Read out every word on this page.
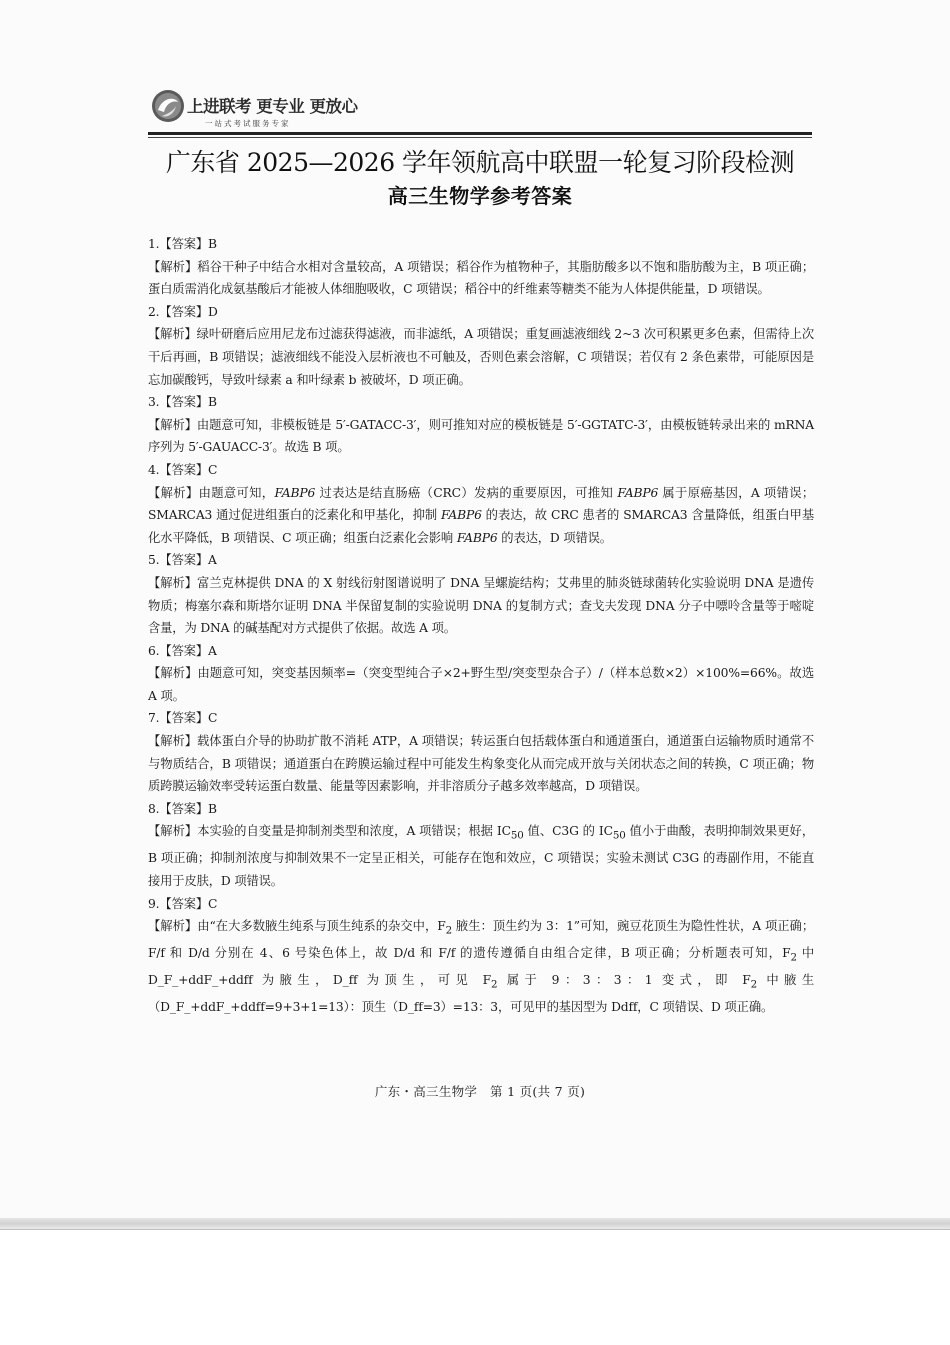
上进联考 更专业 更放心
一站式考试服务专家
广东省 2025—2026 学年领航高中联盟一轮复习阶段检测
高三生物学参考答案

1.【答案】B

【解析】稻谷干种子中结合水相对含量较高，A 项错误；稻谷作为植物种子，其脂肪酸多以不饱和脂肪酸为主，B 项正确；蛋白质需消化成氨基酸后才能被人体细胞吸收，C 项错误；稻谷中的纤维素等糖类不能为人体提供能量，D 项错误。

2.【答案】D

【解析】绿叶研磨后应用尼龙布过滤获得滤液，而非滤纸，A 项错误；重复画滤液细线 2~3 次可积累更多色素，但需待上次干后再画，B 项错误；滤液细线不能没入层析液也不可触及，否则色素会溶解，C 项错误；若仅有 2 条色素带，可能原因是忘加碳酸钙，导致叶绿素 a 和叶绿素 b 被破坏，D 项正确。

3.【答案】B

【解析】由题意可知，非模板链是 5′-GATACC-3′，则可推知对应的模板链是 5′-GGTATC-3′，由模板链转录出来的 mRNA 序列为 5′-GAUACC-3′。故选 B 项。

4.【答案】C

【解析】由题意可知，FABP6 过表达是结直肠癌（CRC）发病的重要原因，可推知 FABP6 属于原癌基因，A 项错误；SMARCA3 通过促进组蛋白的泛素化和甲基化，抑制 FABP6 的表达，故 CRC 患者的 SMARCA3 含量降低，组蛋白甲基化水平降低，B 项错误、C 项正确；组蛋白泛素化会影响 FABP6 的表达，D 项错误。

5.【答案】A

【解析】富兰克林提供 DNA 的 X 射线衍射图谱说明了 DNA 呈螺旋结构；艾弗里的肺炎链球菌转化实验说明 DNA 是遗传物质；梅塞尔森和斯塔尔证明 DNA 半保留复制的实验说明 DNA 的复制方式；查戈夫发现 DNA 分子中嘌呤含量等于嘧啶含量，为 DNA 的碱基配对方式提供了依据。故选 A 项。

6.【答案】A

【解析】由题意可知，突变基因频率=（突变型纯合子×2+野生型/突变型杂合子）/（样本总数×2）×100%=66%。故选 A 项。

7.【答案】C

【解析】载体蛋白介导的协助扩散不消耗 ATP，A 项错误；转运蛋白包括载体蛋白和通道蛋白，通道蛋白运输物质时通常不与物质结合，B 项错误；通道蛋白在跨膜运输过程中可能发生构象变化从而完成开放与关闭状态之间的转换，C 项正确；物质跨膜运输效率受转运蛋白数量、能量等因素影响，并非溶质分子越多效率越高，D 项错误。

8.【答案】B

【解析】本实验的自变量是抑制剂类型和浓度，A 项错误；根据 $IC_{50}$ 值、C3G 的 $IC_{50}$ 值小于曲酸，表明抑制效果更好，B 项正确；抑制剂浓度与抑制效果不一定呈正相关，可能存在饱和效应，C 项错误；实验未测试 C3G 的毒副作用，不能直接用于皮肤，D 项错误。

9.【答案】C

【解析】由“在大多数腋生纯系与顶生纯系的杂交中，$F_2$ 腋生：顶生约为 3：1”可知，豌豆花顶生为隐性性状，A 项正确；F/f 和 D/d 分别在 4、6 号染色体上，故 D/d 和 F/f 的遗传遵循自由组合定律，B 项正确；分析题表可知，$F_2$ 中 D_F_+ddF_+ddff 为腋生，D_ff 为顶生，可见 $F_2$ 属于 9：3：3：1 变式，即 $F_2$ 中腋生（D_F_+ddF_+ddff=9+3+1=13）：顶生（D_ff=3）=13：3，可见甲的基因型为 Ddff，C 项错误、D 项正确。

广东・高三生物学　第 1 页(共 7 页)
